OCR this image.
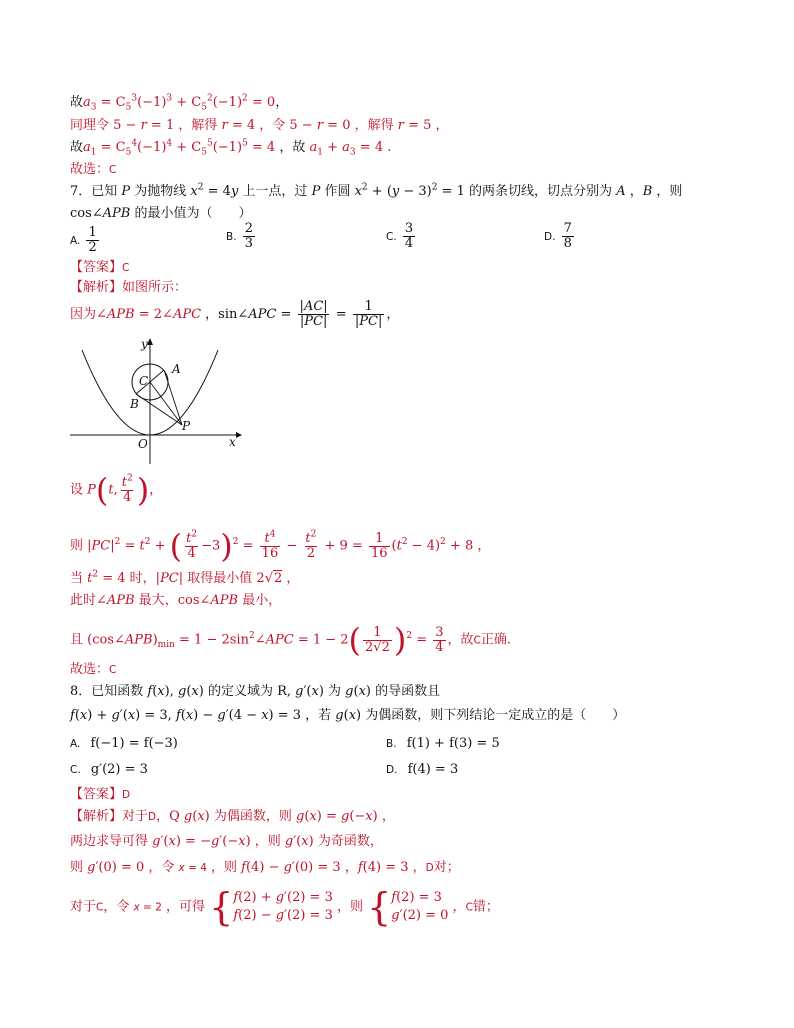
故$a_3 = C_5^3(-1)^3 + C_5^2(-1)^2 = 0$，
同理令 5 − r = 1 ，解得 r = 4 ，令 5 − r = 0 ，解得 r = 5 ，
故$a_1 = C_5^4(-1)^4 + C_5^5(-1)^5 = 4$ ，故 $a_1 + a_3 = 4$ .
故选：C
7．已知 P 为抛物线 $x^2 = 4y$ 上一点，过 P 作圆 $x^2 + (y - 3)^2 = 1$ 的两条切线，切点分别为 A ，B ，则
cos∠APB 的最小值为（　　）
A. $\frac{1}{2}$	B. $\frac{2}{3}$	C. $\frac{3}{4}$	D. $\frac{7}{8}$
【答案】C
【解析】如图所示：
因为∠APB = 2∠APC ，sin∠APC = $\frac{|AC|}{|PC|} = \frac{1}{|PC|}$ ，
y
x
O
C
A
B
P
设 P(t, $\frac{t^2}{4}$ )，
则 $|PC|^2 = t^2$ + ( $\frac{t^2}{4} -3)^2 = \frac{t^4}{16} - \frac{t^2}{2} + 9 = \frac{1}{16} (t^2 - 4)^2 + 8$ ，
当 $t^2 = 4$ 时，|PC| 取得最小值 2√2 ，
此时∠APB 最大，cos∠APB 最小，
且 $(\cos\angle APB)_{min} = 1$ − $2\sin^2\angle APC = 1 - 2( \frac{1}{2√2} )^2 = \frac{3}{4}$ ，故C正确.
故选：C
8．已知函数 f(x), g(x) 的定义域为 R, g′(x) 为 g(x) 的导函数且
f(x) + g′(x) = 3, f(x) − g′(4 − x) = 3 ，若 g(x) 为偶函数，则下列结论一定成立的是（　　）
A. f(−1) = f(−3)	B. f(1) + f(3) = 5
C. g′(2) = 3	D. f(4) = 3
【答案】D
【解析】对于D，Q g(x) 为偶函数，则 g(x) = g(−x) ，
两边求导可得 g′(x) = −g′(−x) ，则 g′(x) 为奇函数，
则 g′(0) = 0 ，令 x = 4 ，则 f(4) − g′(0) = 3 ，f(4) = 3 ，D对；
对于C，令 x = 2 ，可得 { f(2) + g′(2) = 3
f(2) − g′(2) = 3
，则 { f(2) = 3
g′(2) = 0
，C错；
